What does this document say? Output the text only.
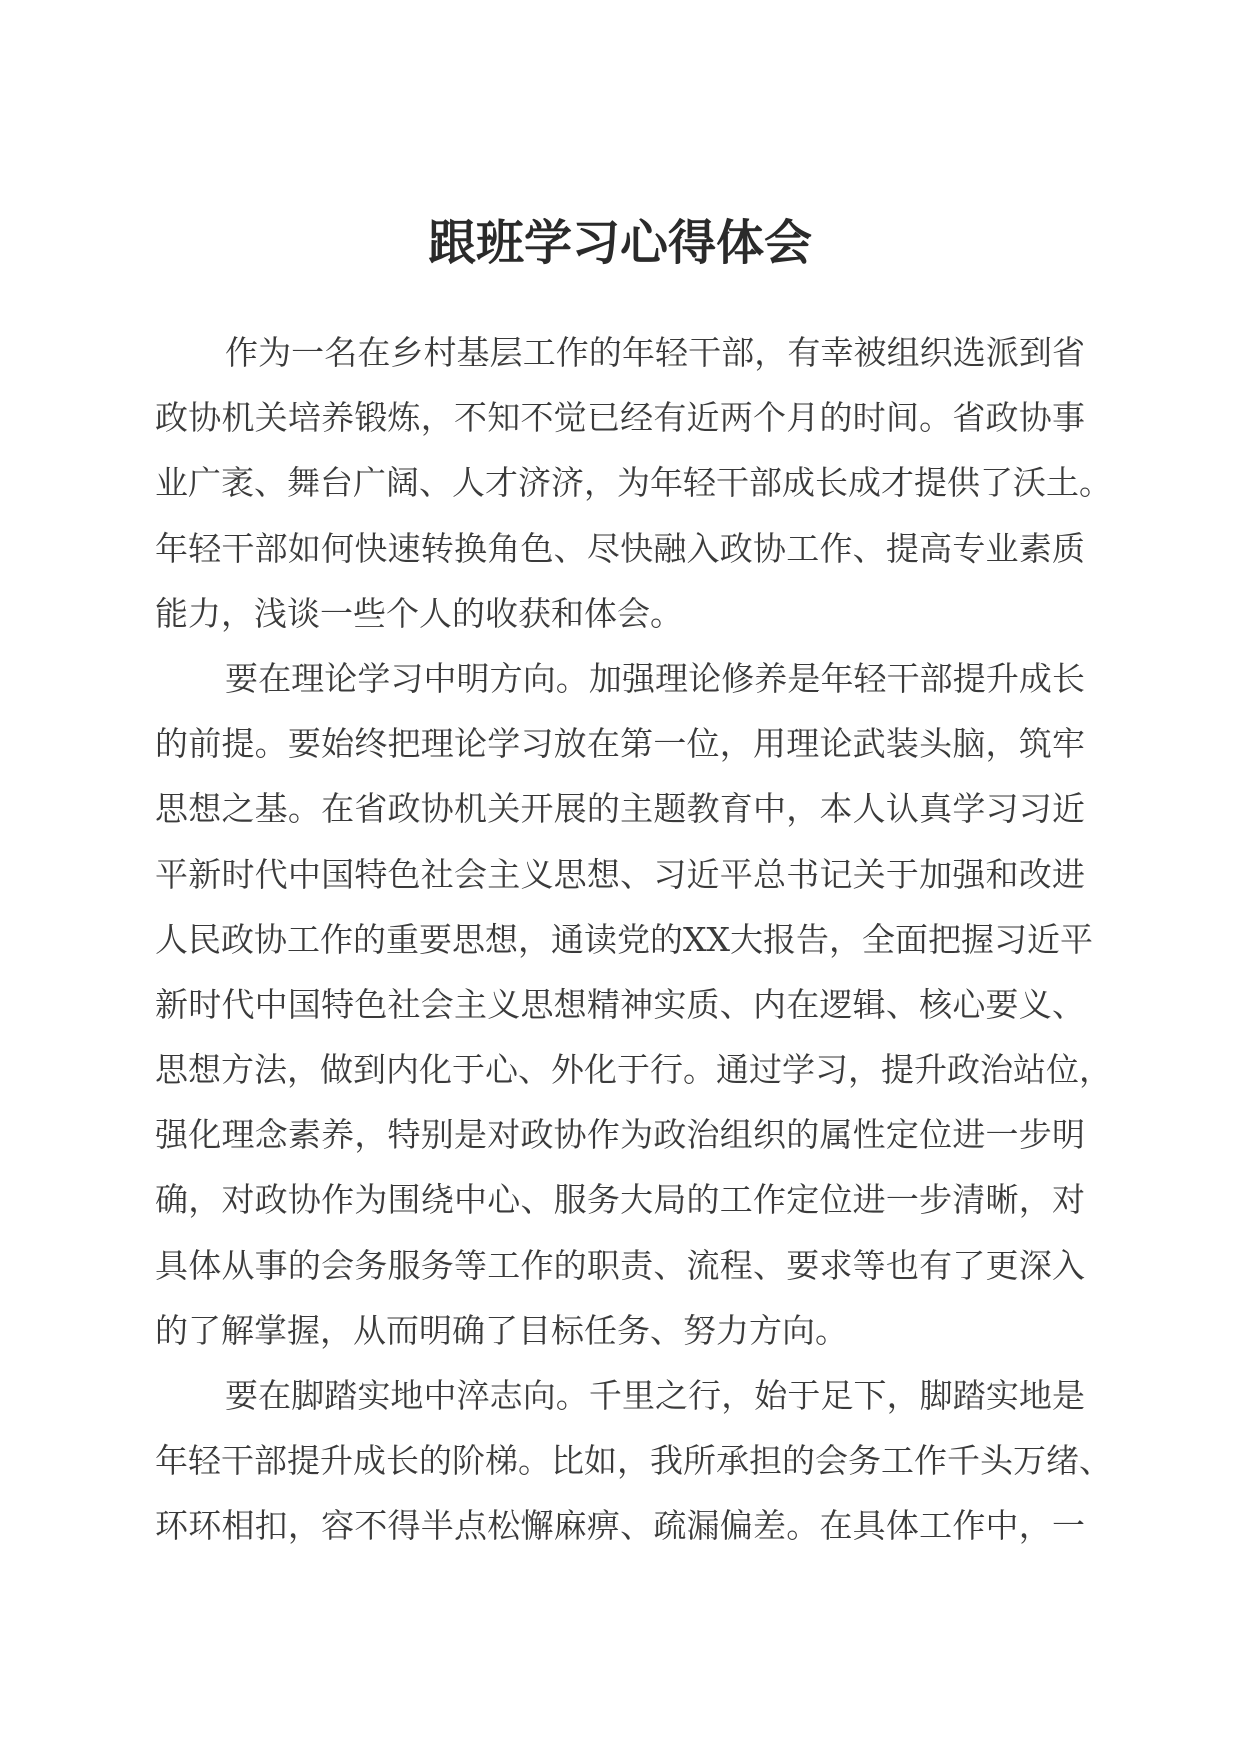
跟班学习心得体会
作为一名在乡村基层工作的年轻干部，有幸被组织选派到省
政协机关培养锻炼，不知不觉已经有近两个月的时间。省政协事
业广袤、舞台广阔、人才济济，为年轻干部成长成才提供了沃土。
年轻干部如何快速转换角色、尽快融入政协工作、提高专业素质
能力，浅谈一些个人的收获和体会。
要在理论学习中明方向。加强理论修养是年轻干部提升成长
的前提。要始终把理论学习放在第一位，用理论武装头脑，筑牢
思想之基。在省政协机关开展的主题教育中，本人认真学习习近
平新时代中国特色社会主义思想、习近平总书记关于加强和改进
人民政协工作的重要思想，通读党的XX大报告，全面把握习近平
新时代中国特色社会主义思想精神实质、内在逻辑、核心要义、
思想方法，做到内化于心、外化于行。通过学习，提升政治站位，
强化理念素养，特别是对政协作为政治组织的属性定位进一步明
确，对政协作为围绕中心、服务大局的工作定位进一步清晰，对
具体从事的会务服务等工作的职责、流程、要求等也有了更深入
的了解掌握，从而明确了目标任务、努力方向。
要在脚踏实地中淬志向。千里之行，始于足下，脚踏实地是
年轻干部提升成长的阶梯。比如，我所承担的会务工作千头万绪、
环环相扣，容不得半点松懈麻痹、疏漏偏差。在具体工作中，一
